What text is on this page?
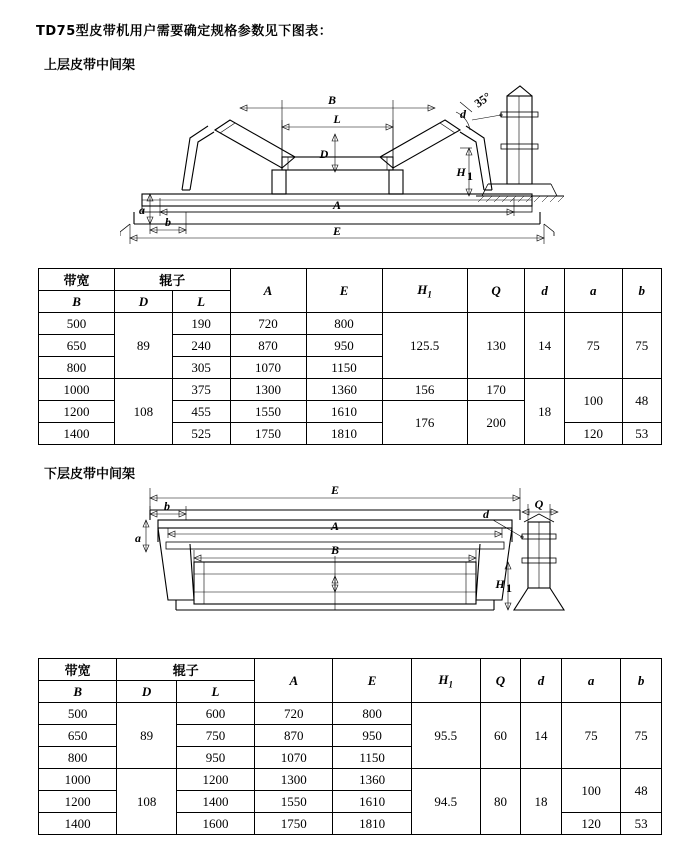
TD75型皮带机用户需要确定规格参数见下图表：
上层皮带中间架
B
L
D
A
E
a
b
35°
d
H 1
带宽	辊子		A	E	$H_1$	Q	d	a	b
B	D	L							
500	89	190	720	800	125.5	130	14	75	75
650		240	870	950					
800		305	1070	1150					
1000	108	375	1300	1360	156	170	18	100	48
1200		455	1550	1610	176	200			
1400		525	1750	1810				120	53
下层皮带中间架
E
A
B
b
a
Q
d
H 1
带宽	辊子		A	E	$H_1$	Q	d	a	b
B	D	L							
500	89	600	720	800	95.5	60	14	75	75
650		750	870	950					
800		950	1070	1150					
1000	108	1200	1300	1360	94.5	80	18	100	48
1200		1400	1550	1610					
1400		1600	1750	1810				120	53
